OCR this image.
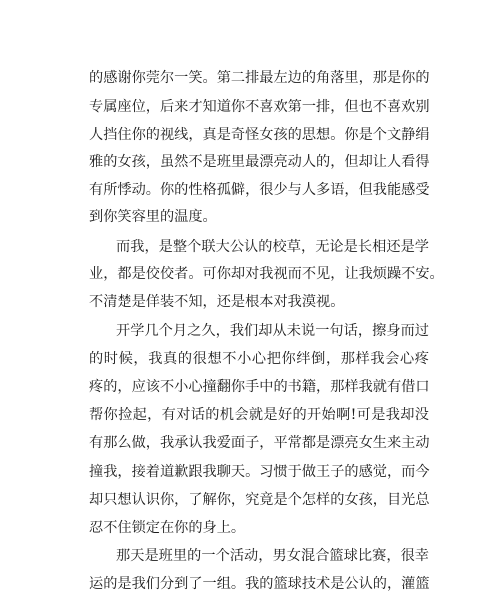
的感谢你莞尔一笑。第二排最左边的角落里，那是你的
专属座位，后来才知道你不喜欢第一排，但也不喜欢别
人挡住你的视线，真是奇怪女孩的思想。你是个文静绢
雅的女孩，虽然不是班里最漂亮动人的，但却让人看得
有所悸动。你的性格孤僻，很少与人多语，但我能感受
到你笑容里的温度。
而我，是整个联大公认的校草，无论是长相还是学
业，都是佼佼者。可你却对我视而不见，让我烦躁不安。
不清楚是佯装不知，还是根本对我漠视。
开学几个月之久，我们却从未说一句话，擦身而过
的时候，我真的很想不小心把你绊倒，那样我会心疼
疼的，应该不小心撞翻你手中的书籍，那样我就有借口
帮你捡起，有对话的机会就是好的开始啊!可是我却没
有那么做，我承认我爱面子，平常都是漂亮女生来主动
撞我，接着道歉跟我聊天。习惯于做王子的感觉，而今
却只想认识你，了解你，究竟是个怎样的女孩，目光总
忍不住锁定在你的身上。
那天是班里的一个活动，男女混合篮球比赛，很幸
运的是我们分到了一组。我的篮球技术是公认的，灌篮
